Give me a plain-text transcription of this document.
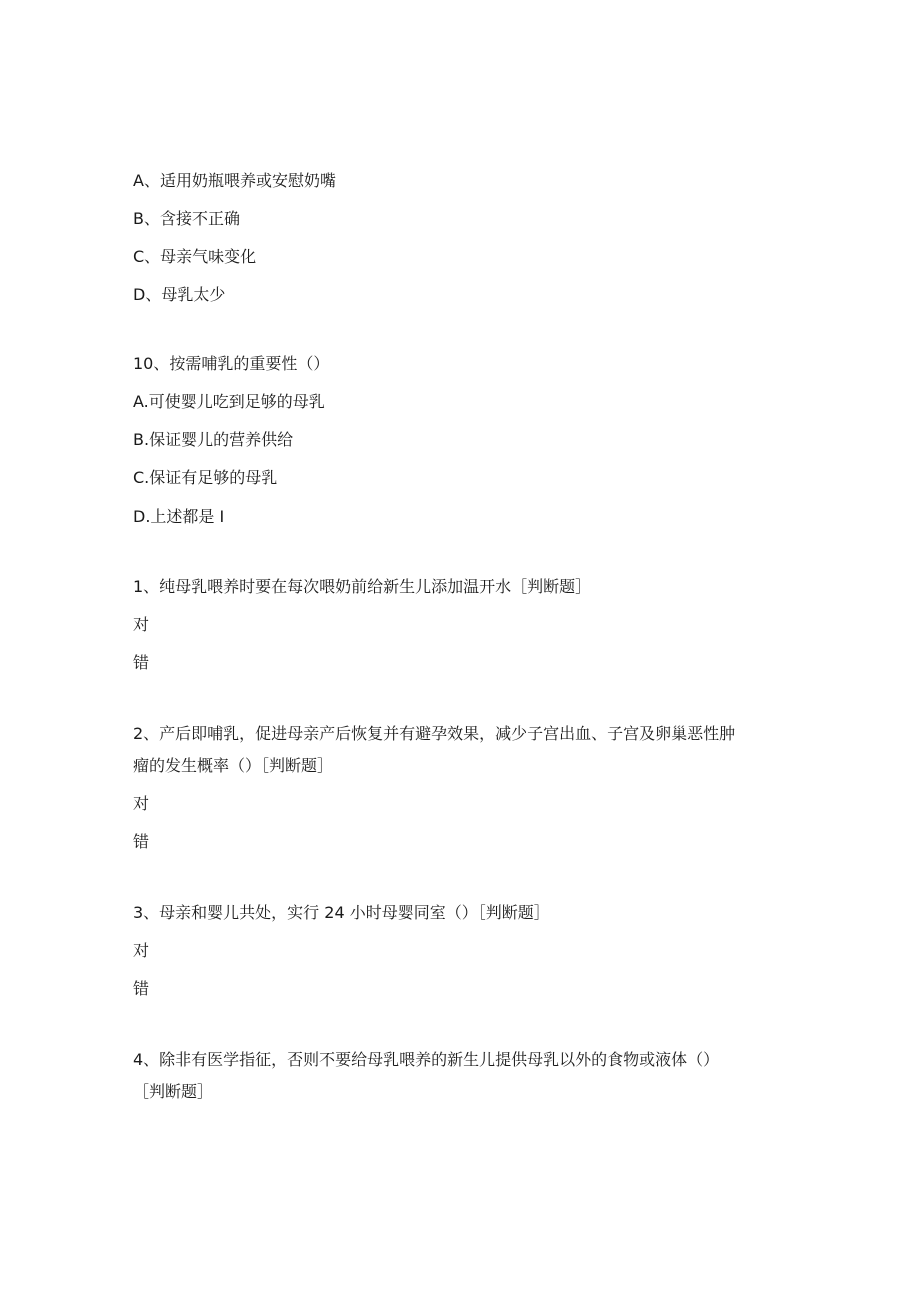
A、适用奶瓶喂养或安慰奶嘴
B、含接不正确
C、母亲气味变化
D、母乳太少
10、按需哺乳的重要性（）
A.可使婴儿吃到足够的母乳
B.保证婴儿的营养供给
C.保证有足够的母乳
D.上述都是 I
1、纯母乳喂养时要在每次喂奶前给新生儿添加温开水［判断题］
对
错
2、产后即哺乳，促进母亲产后恢复并有避孕效果，减少子宫出血、子宫及卵巢恶性肿
瘤的发生概率（）［判断题］
对
错
3、母亲和婴儿共处，实行 24 小时母婴同室（）［判断题］
对
错
4、除非有医学指征，否则不要给母乳喂养的新生儿提供母乳以外的食物或液体（）
［判断题］
